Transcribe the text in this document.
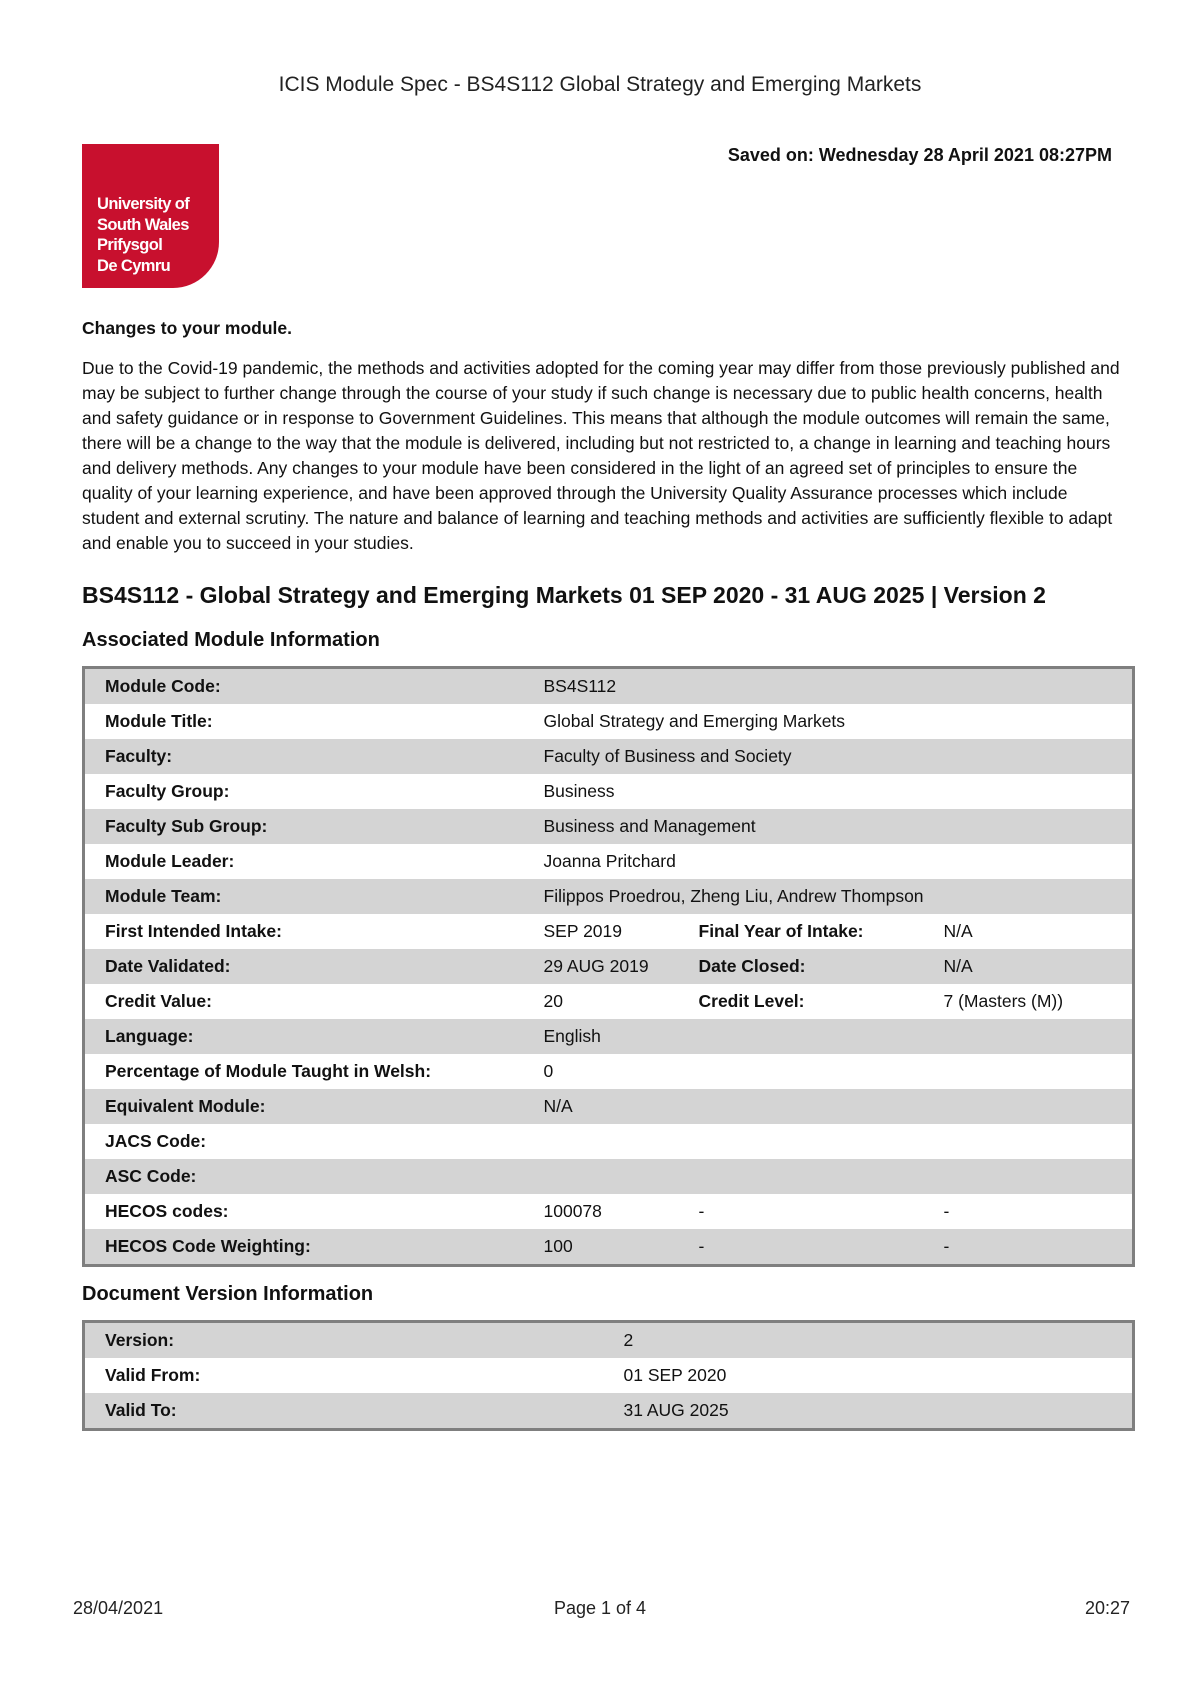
ICIS Module Spec - BS4S112 Global Strategy and Emerging Markets
University of
South Wales
Prifysgol
De Cymru
Saved on: Wednesday 28 April 2021 08:27PM

Changes to your module.

Due to the Covid-19 pandemic, the methods and activities adopted for the coming year may differ from those previously published and may be subject to further change through the course of your study if such change is necessary due to public health concerns, health and safety guidance or in response to Government Guidelines. This means that although the module outcomes will remain the same, there will be a change to the way that the module is delivered, including but not restricted to, a change in learning and teaching hours and delivery methods. Any changes to your module have been considered in the light of an agreed set of principles to ensure the quality of your learning experience, and have been approved through the University Quality Assurance processes which include student and external scrutiny. The nature and balance of learning and teaching methods and activities are sufficiently flexible to adapt and enable you to succeed in your studies.

BS4S112 - Global Strategy and Emerging Markets 01 SEP 2020 - 31 AUG 2025 | Version 2
Associated Module Information
Module Code:	BS4S112		
Module Title:	Global Strategy and Emerging Markets		
Faculty:	Faculty of Business and Society		
Faculty Group:	Business		
Faculty Sub Group:	Business and Management		
Module Leader:	Joanna Pritchard		
Module Team:	Filippos Proedrou, Zheng Liu, Andrew Thompson		
First Intended Intake:	SEP 2019	Final Year of Intake:	N/A
Date Validated:	29 AUG 2019	Date Closed:	N/A
Credit Value:	20	Credit Level:	7 (Masters (M))
Language:	English		
Percentage of Module Taught in Welsh:	0		
Equivalent Module:	N/A		
JACS Code:			
ASC Code:			
HECOS codes:	100078	-	-
HECOS Code Weighting:	100	-	-
Document Version Information
Version:	2
Valid From:	01 SEP 2020
Valid To:	31 AUG 2025
28/04/2021	Page 1 of 4	20:27
